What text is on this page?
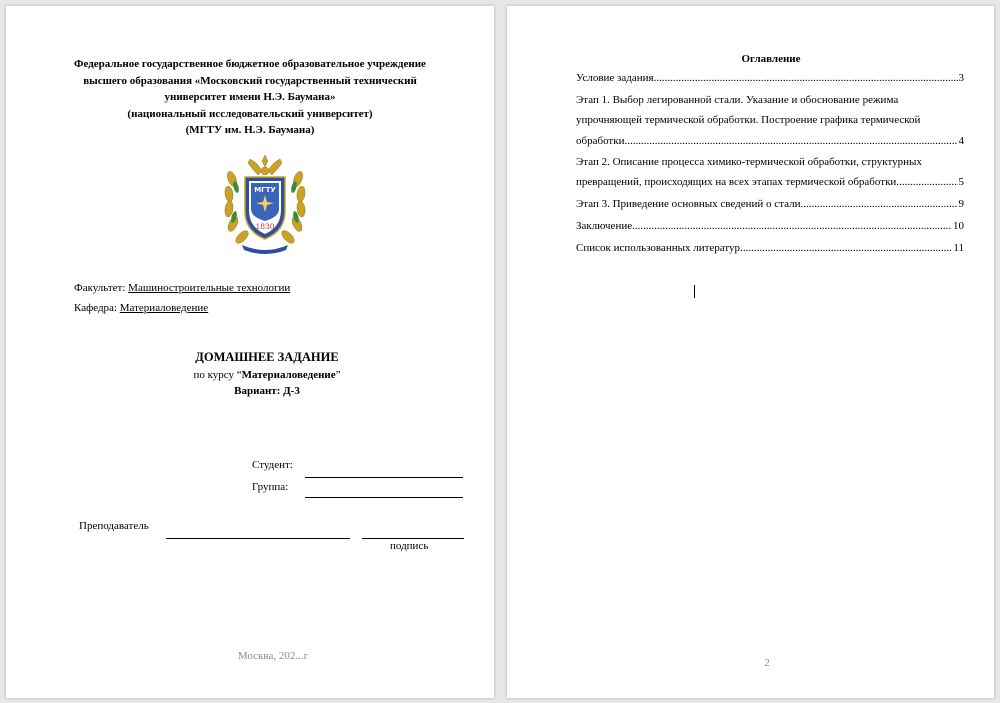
Федеральное государственное бюджетное образовательное учреждение
высшего образования «Московский государственный технический
университет имени Н.Э. Баумана»
(национальный исследовательский университет)
(МГТУ им. Н.Э. Баумана)
МГТУ
1830
Факультет: Машиностроительные технологии
Кафедра: Материаловедение
ДОМАШНЕЕ ЗАДАНИЕ
по курсу “Материаловедение”
Вариант: Д-3
Студент:
Группа:
Преподаватель
подпись
Москва, 202...г
Оглавление
Условие задания .....	3
Этап 1. Выбор легированной стали. Указание и обоснование режима
упрочняющей термической обработки. Построение графика термической
обработки. .....	4
Этап 2. Описание процесса химико-термической обработки, структурных
превращений, происходящих на всех этапах термической обработки. .....	5
Этап 3. Приведение основных сведений о стали .....	9
Заключение .....	10
Список использованных литератур .....	11
2
